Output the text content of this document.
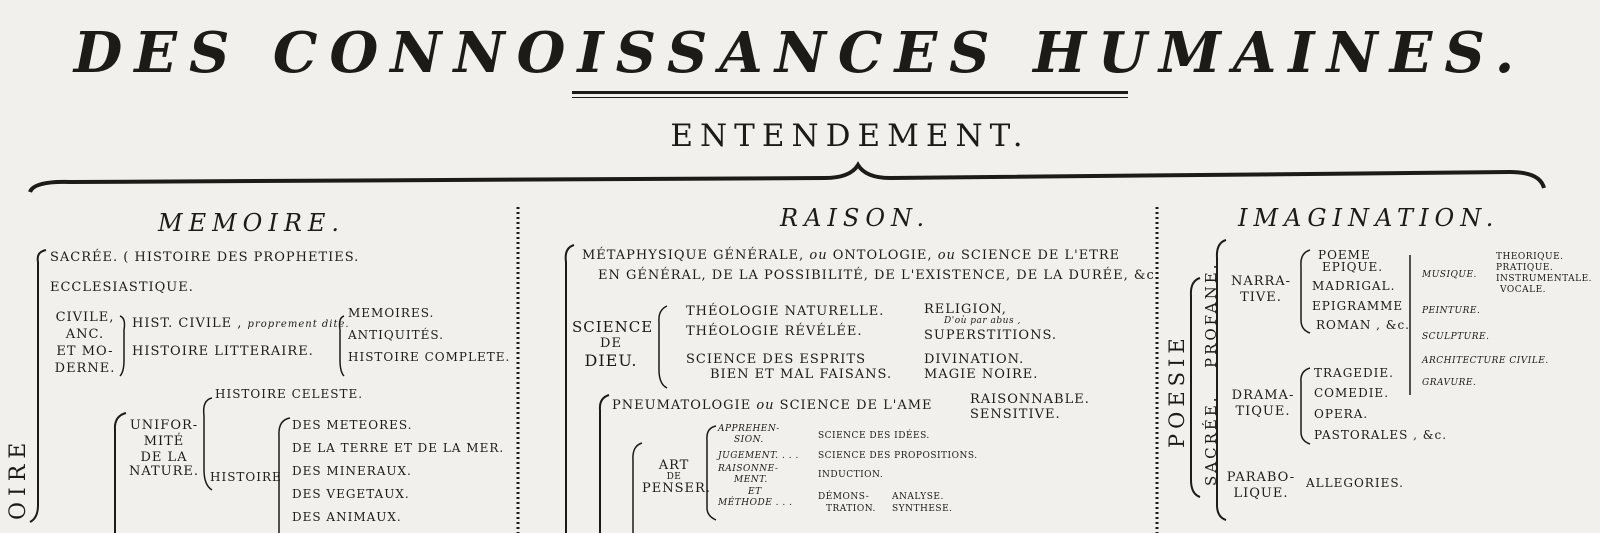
DES CONNOISSANCES HUMAINES.
ENTENDEMENT.
MEMOIRE.
OIRE
SACRÉE. ( HISTOIRE DES PROPHETIES.
ECCLESIASTIQUE.
CIVILE,
ANC.
ET MO-
DERNE.
HIST. CIVILE , proprement dite.
HISTOIRE LITTERAIRE.
MEMOIRES.
ANTIQUITÉS.
HISTOIRE COMPLETE.
HISTOIRE CELESTE.
UNIFOR-
MITÉ
DE LA
NATURE. HISTOIRE
DES METEORES.
DE LA TERRE ET DE LA MER.
DES MINERAUX.
DES VEGETAUX.
DES ANIMAUX.
RAISON.
MÉTAPHYSIQUE GÉNÉRALE, ou ONTOLOGIE, ou SCIENCE DE L'ETRE
EN GÉNÉRAL, DE LA POSSIBILITÉ, DE L'EXISTENCE, DE LA DURÉE, &c.
SCIENCE
DE
DIEU.
THÉOLOGIE NATURELLE.
THÉOLOGIE RÉVÉLÉE.
RELIGION,
D'où par abus ,
SUPERSTITIONS.
SCIENCE DES ESPRITS
BIEN ET MAL FAISANS.
DIVINATION.
MAGIE NOIRE.
PNEUMATOLOGIE ou SCIENCE DE L'AME	RAISONNABLE.
SENSITIVE.
ART
DE
PENSER.
APPREHEN-
SION.
JUGEMENT. . . .
RAISONNE-
MENT.
ET
MÉTHODE . . .
SCIENCE DES IDÉES.
SCIENCE DES PROPOSITIONS.
INDUCTION.
DÉMONS-
TRATION.
ANALYSE.
SYNTHESE.
IMAGINATION.
POESIE SACRÉE.
PROFANE. NARRA-
TIVE.
POEME
EPIQUE.
MADRIGAL.
EPIGRAMME
ROMAN , &c.
MUSIQUE.
THEORIQUE.
PRATIQUE.
INSTRUMENTALE.
VOCALE.
PEINTURE.
SCULPTURE.
ARCHITECTURE CIVILE.
GRAVURE.
DRAMA-
TIQUE.
TRAGEDIE.
COMEDIE.
OPERA.
PASTORALES , &c.
PARABO-
LIQUE.
ALLEGORIES.
